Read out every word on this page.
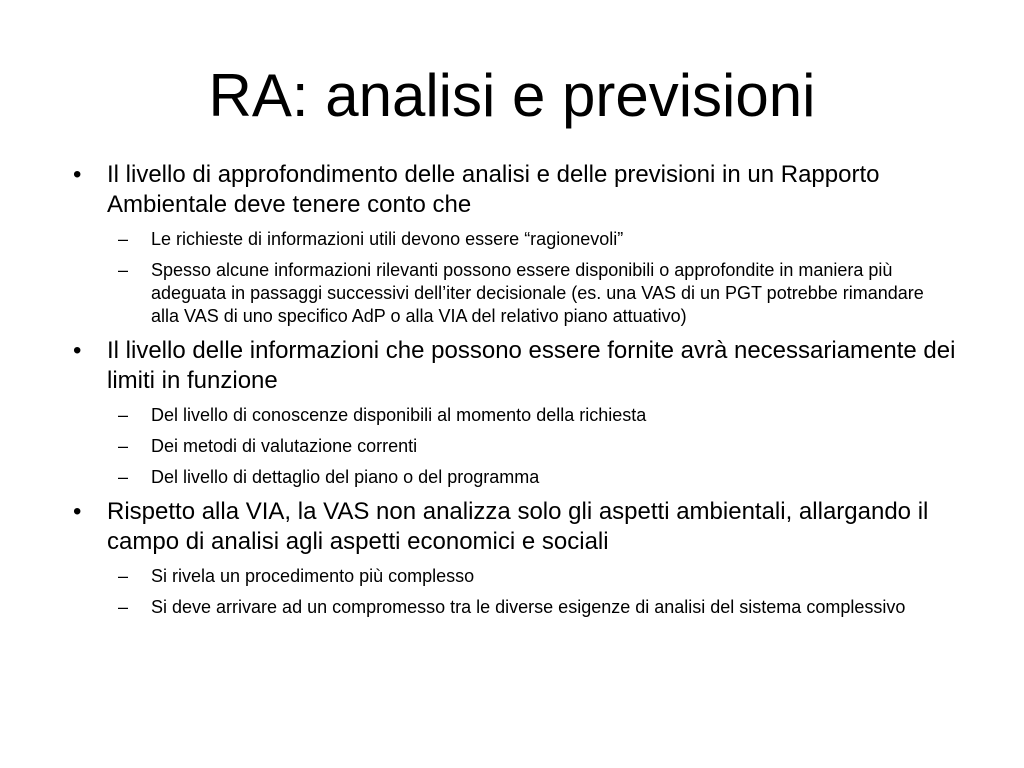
RA: analisi e previsioni
•	Il livello di approfondimento delle analisi e delle previsioni in un Rapporto Ambientale deve tenere conto che
– Le richieste di informazioni utili devono essere “ragionevoli”
– Spesso alcune informazioni rilevanti possono essere disponibili o approfondite in maniera più adeguata in passaggi successivi dell’iter decisionale (es. una VAS di un PGT potrebbe rimandare alla VAS di uno specifico AdP o alla VIA del relativo piano attuativo)
•	Il livello delle informazioni che possono essere fornite avrà necessariamente dei limiti in funzione
– Del livello di conoscenze disponibili al momento della richiesta
– Dei metodi di valutazione correnti
– Del livello di dettaglio del piano o del programma
•	Rispetto alla VIA, la VAS non analizza solo gli aspetti ambientali, allargando il campo di analisi agli aspetti economici e sociali
– Si rivela un procedimento più complesso
– Si deve arrivare ad un compromesso tra le diverse esigenze di analisi del sistema complessivo
